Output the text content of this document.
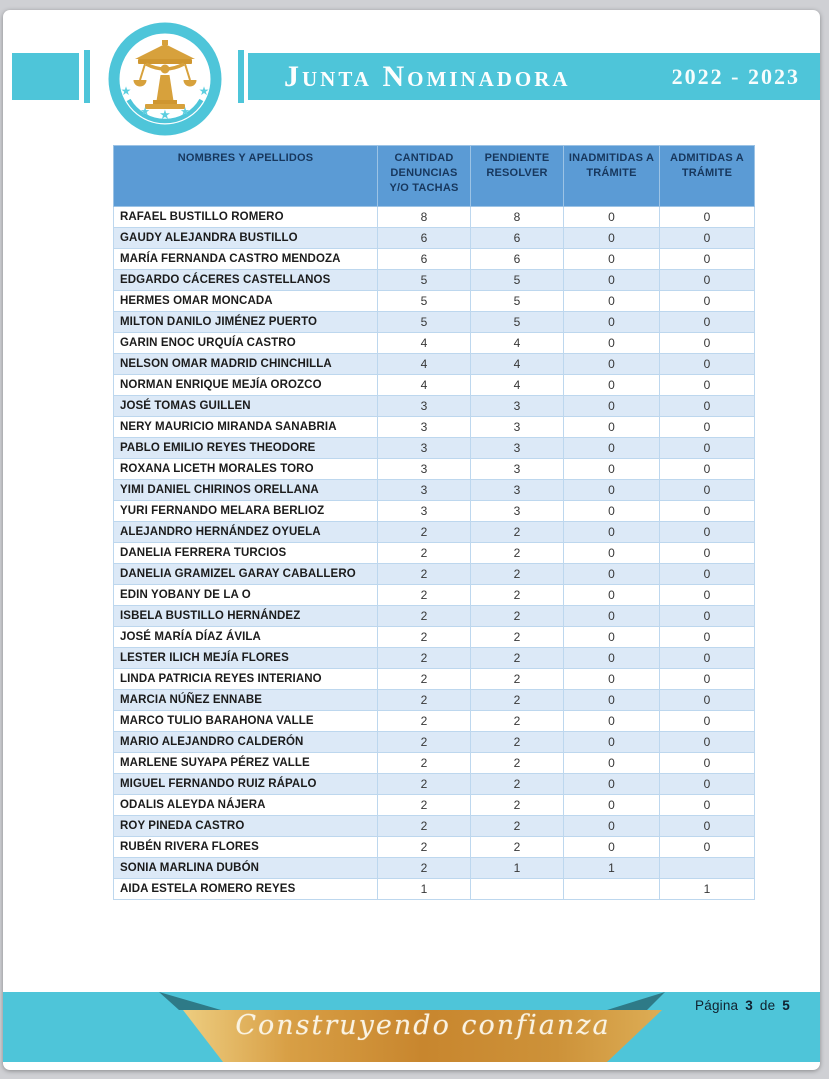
★	★
★ ★ ★
Junta Nominadora	2022 - 2023
NOMBRES Y APELLIDOS	CANTIDAD DENUNCIAS Y/O TACHAS	PENDIENTE RESOLVER	INADMITIDAS A TRÁMITE	ADMITIDAS A TRÁMITE
RAFAEL BUSTILLO ROMERO	8	8	0	0
GAUDY ALEJANDRA BUSTILLO	6	6	0	0
MARÍA FERNANDA CASTRO MENDOZA	6	6	0	0
EDGARDO CÁCERES CASTELLANOS	5	5	0	0
HERMES OMAR MONCADA	5	5	0	0
MILTON DANILO JIMÉNEZ PUERTO	5	5	0	0
GARIN ENOC URQUÍA CASTRO	4	4	0	0
NELSON OMAR MADRID CHINCHILLA	4	4	0	0
NORMAN ENRIQUE MEJÍA OROZCO	4	4	0	0
JOSÉ TOMAS GUILLEN	3	3	0	0
NERY MAURICIO MIRANDA SANABRIA	3	3	0	0
PABLO EMILIO REYES THEODORE	3	3	0	0
ROXANA LICETH MORALES TORO	3	3	0	0
YIMI DANIEL CHIRINOS ORELLANA	3	3	0	0
YURI FERNANDO MELARA BERLIOZ	3	3	0	0
ALEJANDRO HERNÁNDEZ OYUELA	2	2	0	0
DANELIA FERRERA TURCIOS	2	2	0	0
DANELIA GRAMIZEL GARAY CABALLERO	2	2	0	0
EDIN YOBANY DE LA O	2	2	0	0
ISBELA BUSTILLO HERNÁNDEZ	2	2	0	0
JOSÉ MARÍA DÍAZ ÁVILA	2	2	0	0
LESTER ILICH MEJÍA FLORES	2	2	0	0
LINDA PATRICIA REYES INTERIANO	2	2	0	0
MARCIA NÚÑEZ ENNABE	2	2	0	0
MARCO TULIO BARAHONA VALLE	2	2	0	0
MARIO ALEJANDRO CALDERÓN	2	2	0	0
MARLENE SUYAPA PÉREZ VALLE	2	2	0	0
MIGUEL FERNANDO RUIZ RÁPALO	2	2	0	0
ODALIS ALEYDA NÁJERA	2	2	0	0
ROY PINEDA CASTRO	2	2	0	0
RUBÉN RIVERA FLORES	2	2	0	0
SONIA MARLINA DUBÓN	2	1	1	
AIDA ESTELA ROMERO REYES	1			1
Construyendo confianza
Página 3 de 5
